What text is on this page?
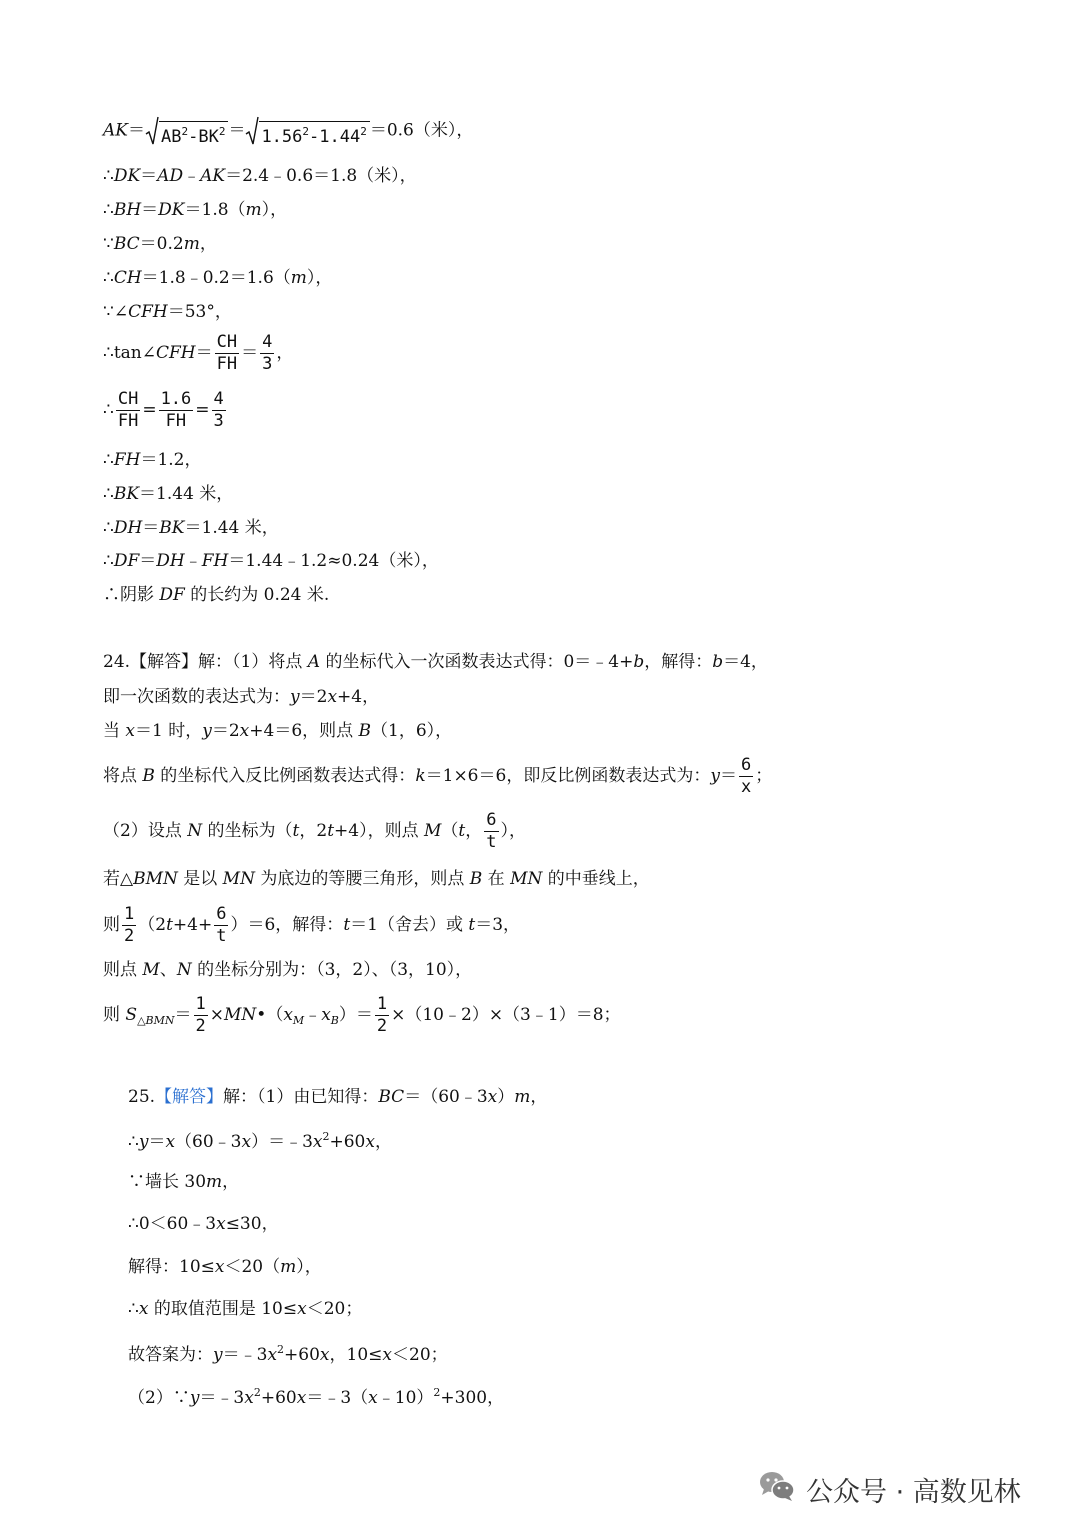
$AK= AB^2-BK^2 = 1.56^2-1.44^2 =0.6$（米），
∴DK＝AD﹣AK＝2.4﹣0.6＝1.8（米），
∴BH＝DK＝1.8（m），
∵BC＝0.2m，
∴CH＝1.8﹣0.2＝1.6（m），
∵∠CFH＝53°，
∴tan∠CFH＝ $\frac{CH}{FH} = \frac{4}{3}$ ，
∴ $\frac{CH}{FH} = \frac{1.6}{FH} = \frac{4}{3}$
∴FH＝1.2，
∴BK＝1.44 米，
∴DH＝BK＝1.44 米，
∴DF＝DH﹣FH＝1.44﹣1.2≈0.24（米），
∴阴影 DF 的长约为 0.24 米.
24.【解答】解：（1）将点 A 的坐标代入一次函数表达式得：0＝﹣4+b，解得：b＝4，
即一次函数的表达式为：y＝2x+4，
当 x＝1 时，y＝2x+4＝6，则点 B（1，6），
将点 B 的坐标代入反比例函数表达式得：k＝1×6＝6，即反比例函数表达式为：$y= \frac{6}{x}$ ；
（2）设点 N 的坐标为（t，2t+4），则点 M（t， $\frac{6}{t}$ ），
若△BMN 是以 MN 为底边的等腰三角形，则点 B 在 MN 的中垂线上，
则 $\frac{1}{2} (2t+4+ \frac{6}{t} )=6$，解得：t＝1（舍去）或 t＝3，
则点 M、N 的坐标分别为：（3，2）、（3，10），
则 $S_{\triangle BMN}= \frac{1}{2}$ $\times MN•(x_M﹣x_B)= \frac{1}{2}$ ×（10﹣2）×（3﹣1）＝8；
25.【解答】解：（1）由已知得：BC＝（60﹣3x）m，
$\therefore y=x(60﹣3x)=﹣3x^2+60x$，
∵墙长 30m，
∴0＜60﹣3x≤30，
解得：10≤x＜20（m），
∴x 的取值范围是 10≤x＜20；
故答案为：$y=﹣3x^2+60x$，10≤x＜20；
$(2)\because y=﹣3x^2+60x=﹣3(x﹣10)^2+300$，
公众号 · 高数见林
